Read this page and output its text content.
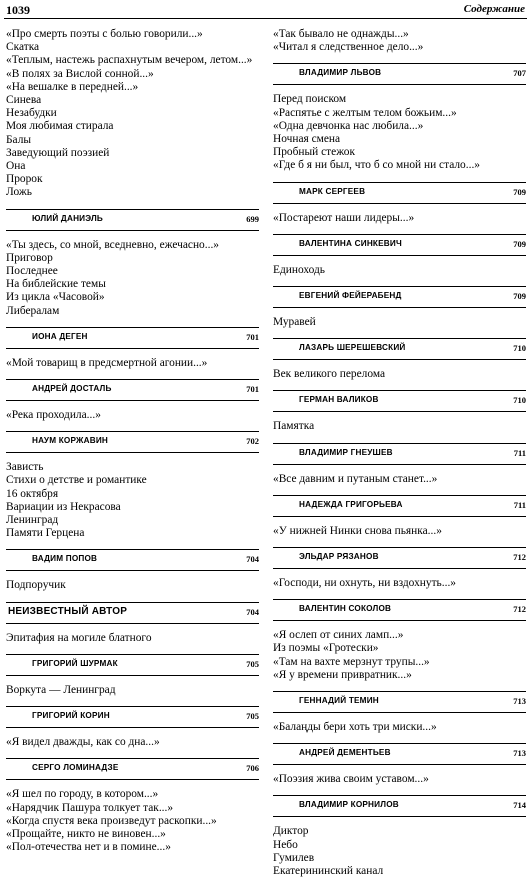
1039	Содержание
«Про смерть поэты с болью говорили...»
Скатка
«Теплым, настежь распахнутым вечером, летом...»
«В полях за Вислой сонной...»
«На вешалке в передней...»
Синева
Незабудки
Моя любимая стирала
Балы
Заведующий поэзией
Она
Пророк
Ложь
ЮЛИЙ ДАНИЭЛЬ	699
«Ты здесь, со мной, вседневно, ежечасно...»
Приговор
Последнее
На библейские темы
Из цикла «Часовой»
Либералам
ИОНА ДЕГЕН	701
«Мой товарищ в предсмертной агонии...»
АНДРЕЙ ДОСТАЛЬ	701
«Река проходила...»
НАУМ КОРЖАВИН	702
Зависть
Стихи о детстве и романтике
16 октября
Вариации из Некрасова
Ленинград
Памяти Герцена
ВАДИМ ПОПОВ	704
Подпоручик
НЕИЗВЕСТНЫЙ АВТОР	704
Эпитафия на могиле блатного
ГРИГОРИЙ ШУРМАК	705
Воркута — Ленинград
ГРИГОРИЙ КОРИН	705
«Я видел дважды, как со дна...»
СЕРГО ЛОМИНАДЗЕ	706
«Я шел по городу, в котором...»
«Нарядчик Пашура толкует так...»
«Когда спустя века произведут раскопки...»
«Прощайте, никто не виновен...»
«Пол-отечества нет и в помине...»
«Так бывало не однажды...»
«Читал я следственное дело...»
ВЛАДИМИР ЛЬВОВ	707
Перед поиском
«Распятье с желтым телом божьим...»
«Одна девчонка нас любила...»
Ночная смена
Пробный стежок
«Где б я ни был, что б со мной ни стало...»
МАРК СЕРГЕЕВ	709
«Постареют наши лидеры...»
ВАЛЕНТИНА СИНКЕВИЧ	709
Единоходь
ЕВГЕНИЙ ФЕЙЕРАБЕНД	709
Муравей
ЛАЗАРЬ ШЕРЕШЕВСКИЙ	710
Век великого перелома
ГЕРМАН ВАЛИКОВ	710
Памятка
ВЛАДИМИР ГНЕУШЕВ	711
«Все давним и путаным станет...»
НАДЕЖДА ГРИГОРЬЕВА	711
«У нижней Нинки снова пьянка...»
ЭЛЬДАР РЯЗАНОВ	712
«Господи, ни охнуть, ни вздохнуть...»
ВАЛЕНТИН СОКОЛОВ	712
«Я ослеп от синих ламп...»
Из поэмы «Гротески»
«Там на вахте мерзнут трупы...»
«Я у времени привратник...»
ГЕННАДИЙ ТЕМИН	713
«Балаңды бери хоть три миски...»
АНДРЕЙ ДЕМЕНТЬЕВ	713
«Поэзия жива своим уставом...»
ВЛАДИМИР КОРНИЛОВ	714
Диктор
Небо
Гумилев
Екатерининский канал
